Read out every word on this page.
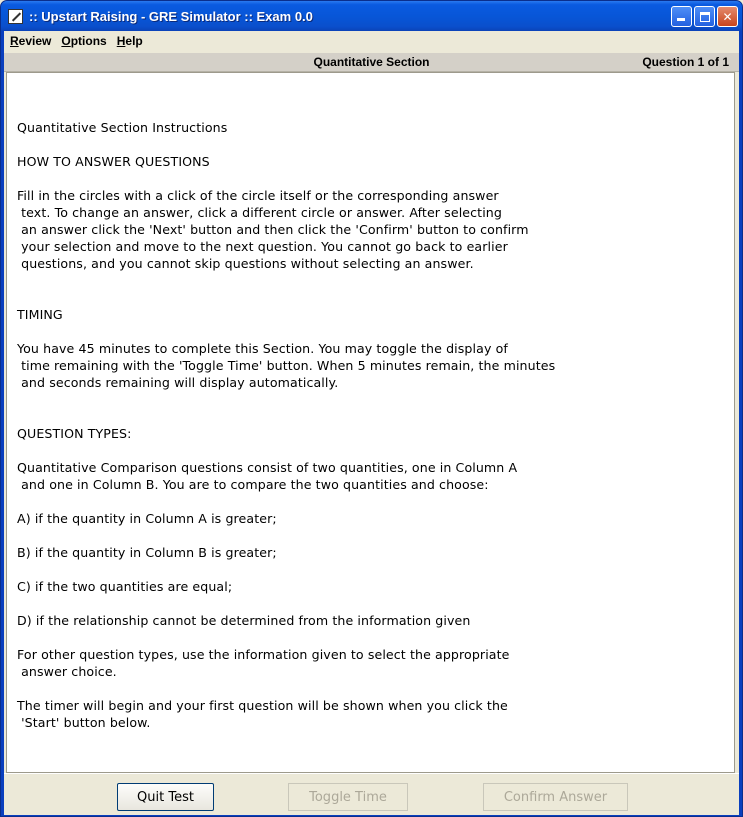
:: Upstart Raising - GRE Simulator :: Exam 0.0	✕
Review Options Help
Quantitative Section	Question 1 of 1
Quantitative Section Instructions

HOW TO ANSWER QUESTIONS

Fill in the circles with a click of the circle itself or the corresponding answer
text. To change an answer, click a different circle or answer. After selecting
an answer click the 'Next' button and then click the 'Confirm' button to confirm
your selection and move to the next question. You cannot go back to earlier
questions, and you cannot skip questions without selecting an answer.

TIMING

You have 45 minutes to complete this Section. You may toggle the display of
time remaining with the 'Toggle Time' button. When 5 minutes remain, the minutes
and seconds remaining will display automatically.

QUESTION TYPES:

Quantitative Comparison questions consist of two quantities, one in Column A
and one in Column B. You are to compare the two quantities and choose:

A) if the quantity in Column A is greater;

B) if the quantity in Column B is greater;

C) if the two quantities are equal;

D) if the relationship cannot be determined from the information given

For other question types, use the information given to select the appropriate
answer choice.

The timer will begin and your first question will be shown when you click the
'Start' button below.
Quit Test	Toggle Time	Confirm Answer
